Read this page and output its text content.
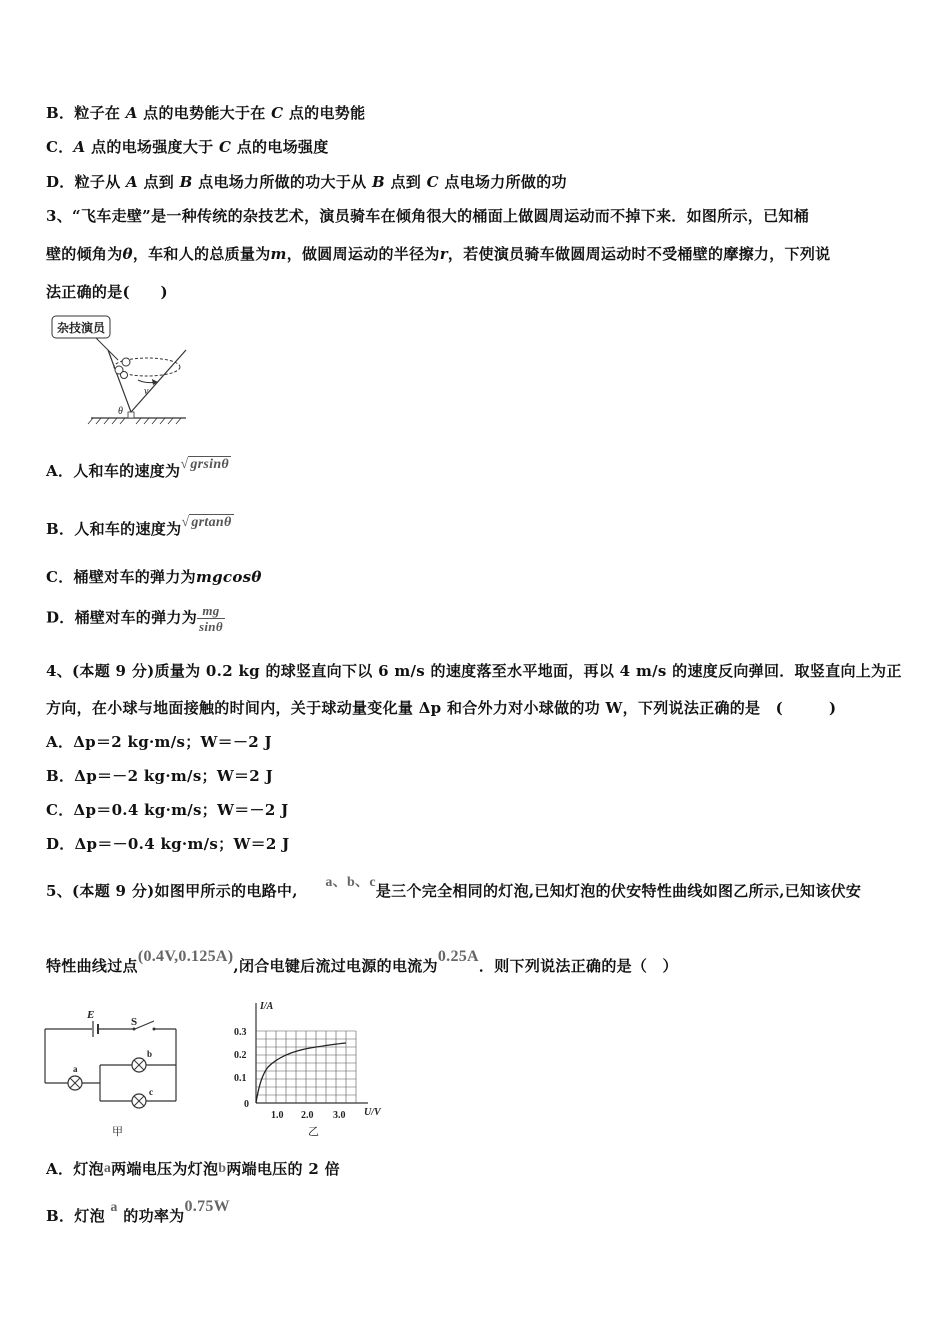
B．粒子在 A 点的电势能大于在 C 点的电势能
C．A 点的电场强度大于 C 点的电场强度
D．粒子从 A 点到 B 点电场力所做的功大于从 B 点到 C 点电场力所做的功
3、“飞车走壁”是一种传统的杂技艺术，演员骑车在倾角很大的桶面上做圆周运动而不掉下来．如图所示，已知桶
壁的倾角为θ，车和人的总质量为m，做圆周运动的半径为r，若使演员骑车做圆周运动时不受桶壁的摩擦力，下列说
法正确的是(　　)
杂技演员
v
θ
A．人和车的速度为√ grsinθ
B．人和车的速度为√ grtanθ
C．桶壁对车的弹力为mgcosθ
D．桶壁对车的弹力为 $\frac{mg}{\sin\theta}$
4、(本题 9 分)质量为 0.2 kg 的球竖直向下以 6 m/s 的速度落至水平地面，再以 4 m/s 的速度反向弹回．取竖直向上为正
方向，在小球与地面接触的时间内，关于球动量变化量 Δp 和合外力对小球做的功 W，下列说法正确的是　(　　　)
A．Δp＝2 kg·m/s；W＝－2 J
B．Δp＝－2 kg·m/s；W＝2 J
C．Δp＝0.4 kg·m/s；W＝－2 J
D．Δp＝－0.4 kg·m/s；W＝2 J
5、(本题 9 分)如图甲所示的电路中, a、b、c是三个完全相同的灯泡,已知灯泡的伏安特性曲线如图乙所示,已知该伏安
特性曲线过点(0.4V,0.125A),闭合电键后流过电源的电流为0.25A．则下列说法正确的是（　）
E
S
a
b
c
甲
I/A
0.3
0.2
0.1
0
1.0 2.0 3.0 U/V
乙
A．灯泡a两端电压为灯泡b两端电压的 2 倍
B．灯泡 a 的功率为0.75W
